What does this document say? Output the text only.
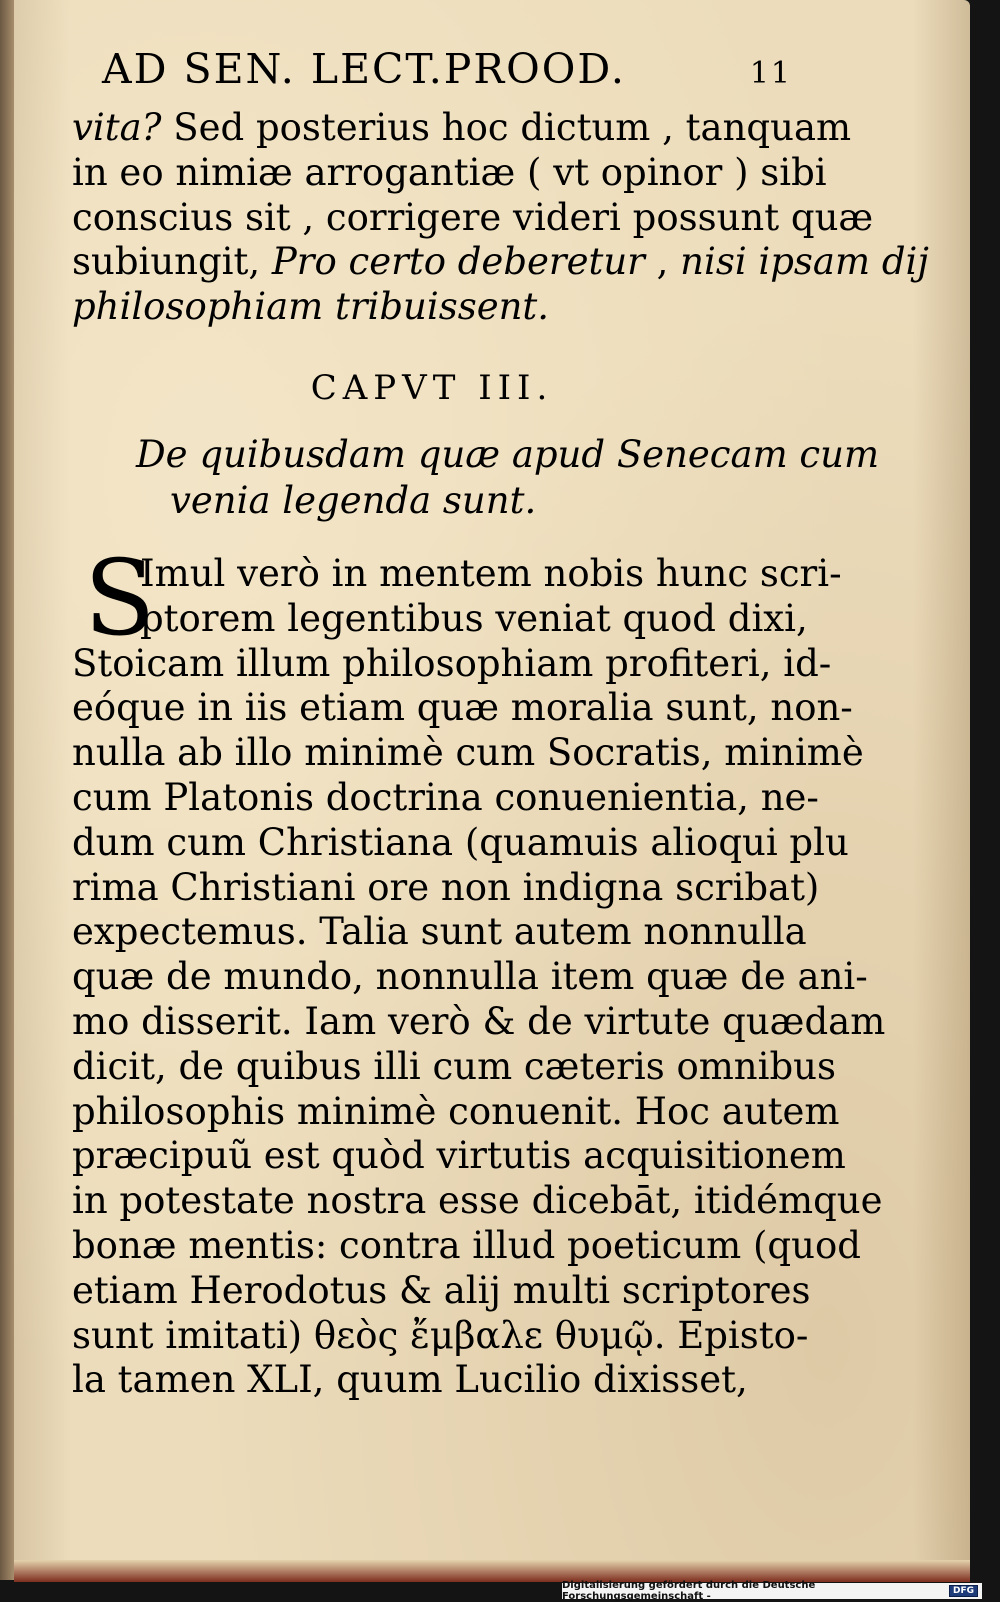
AD SEN. LECT.PROOD.	11
vita? Sed posterius hoc dictum , tanquam
in eo nimiæ arrogantiæ ( vt opinor ) sibi
conscius sit , corrigere videri possunt quæ
subiungit, Pro certo deberetur , nisi ipsam dij
philosophiam tribuissent.
CAPVT III.
De quibusdam quæ apud Senecam cum
venia legenda sunt.
S
Imul verò in mentem nobis hunc scri-
ptorem legentibus veniat quod dixi,
Stoicam illum philosophiam profiteri, id-
eóque in iis etiam quæ moralia sunt, non-
nulla ab illo minimè cum Socratis, minimè
cum Platonis doctrina conuenientia, ne-
dum cum Christiana (quamuis alioqui plu
rima Christiani ore non indigna scribat)
expectemus. Talia sunt autem nonnulla
quæ de mundo, nonnulla item quæ de ani-
mo disserit. Iam verò & de virtute quædam
dicit, de quibus illi cum cæteris omnibus
philosophis minimè conuenit. Hoc autem
præcipuũ est quòd virtutis acquisitionem
in potestate nostra esse dicebāt, itidémque
bonæ mentis: contra illud poeticum (quod
etiam Herodotus & alij multi scriptores
sunt imitati) θεὸς ἔμβαλε θυμῷ. Episto-
la tamen XLI, quum Lucilio dixisset,
Digitalisierung gefördert durch die Deutsche Forschungsgemeinschaft -	DFG
